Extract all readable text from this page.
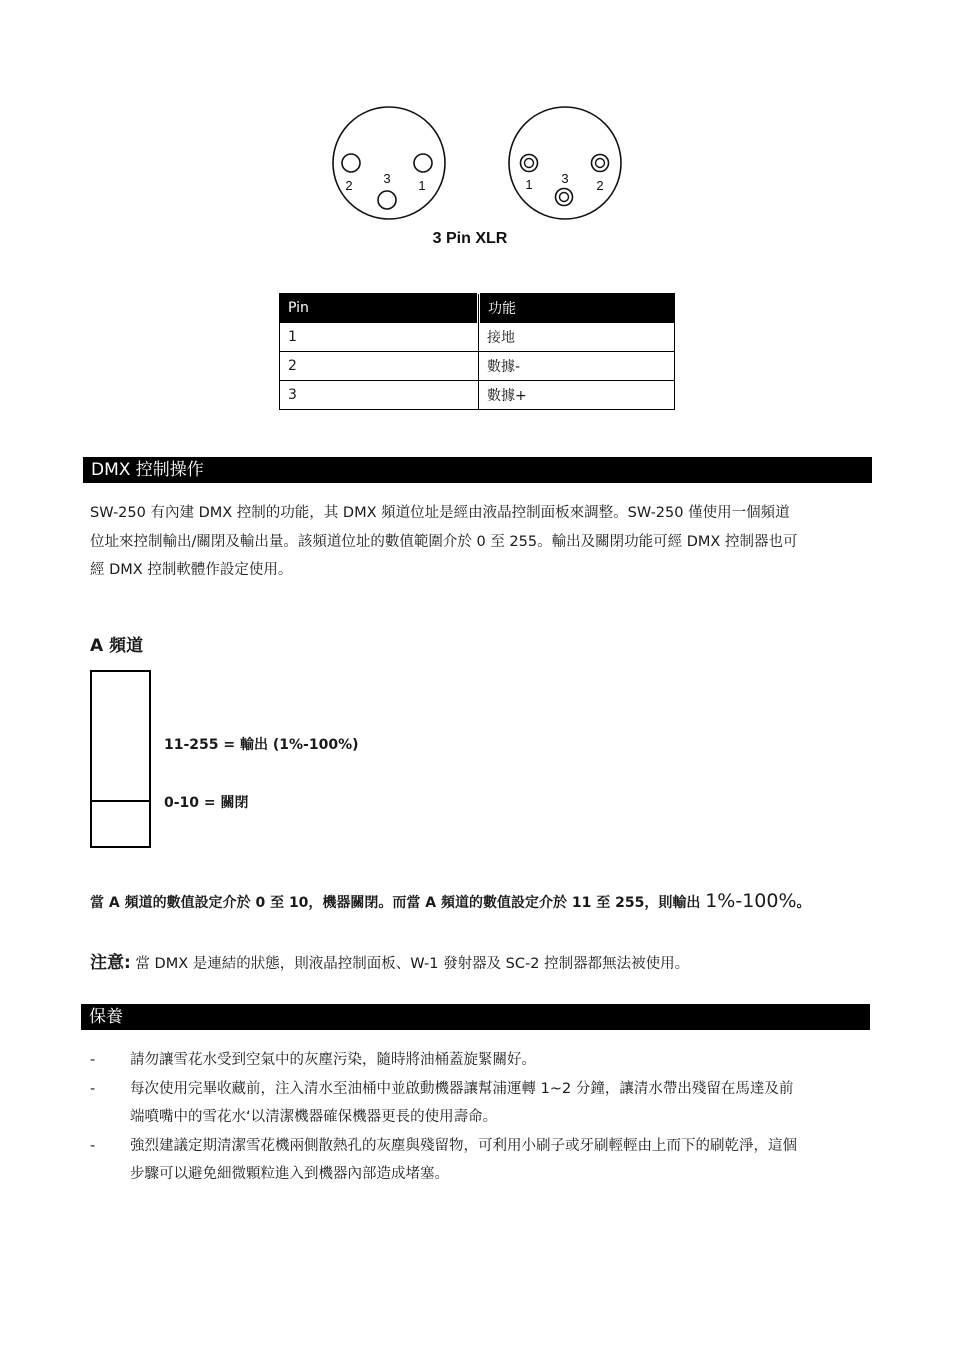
2 3 1	1 3 2
3 Pin XLR
Pin	功能
1	接地
2	數據-
3	數據+
DMX 控制操作
SW-250 有內建 DMX 控制的功能，其 DMX 頻道位址是經由液晶控制面板來調整。SW-250 僅使用一個頻道
位址來控制輸出/關閉及輸出量。該頻道位址的數值範圍介於 0 至 255。輸出及關閉功能可經 DMX 控制器也可
經 DMX 控制軟體作設定使用。
A 頻道
11-255 = 輸出 (1%-100%)
0-10 = 關閉
當 A 頻道的數值設定介於 0 至 10，機器關閉。而當 A 頻道的數值設定介於 11 至 255，則輸出 1%-100%。
注意: 當 DMX 是連結的狀態，則液晶控制面板、W-1 發射器及 SC-2 控制器都無法被使用。
保養
- 請勿讓雪花水受到空氣中的灰塵污染，隨時將油桶蓋旋緊關好。
- 每次使用完畢收藏前，注入清水至油桶中並啟動機器讓幫浦運轉 1~2 分鐘，讓清水帶出殘留在馬達及前
端噴嘴中的雪花水‘以清潔機器確保機器更長的使用壽命。
- 強烈建議定期清潔雪花機兩側散熱孔的灰塵與殘留物，可利用小刷子或牙刷輕輕由上而下的刷乾淨，這個
步驟可以避免細微顆粒進入到機器內部造成堵塞。
